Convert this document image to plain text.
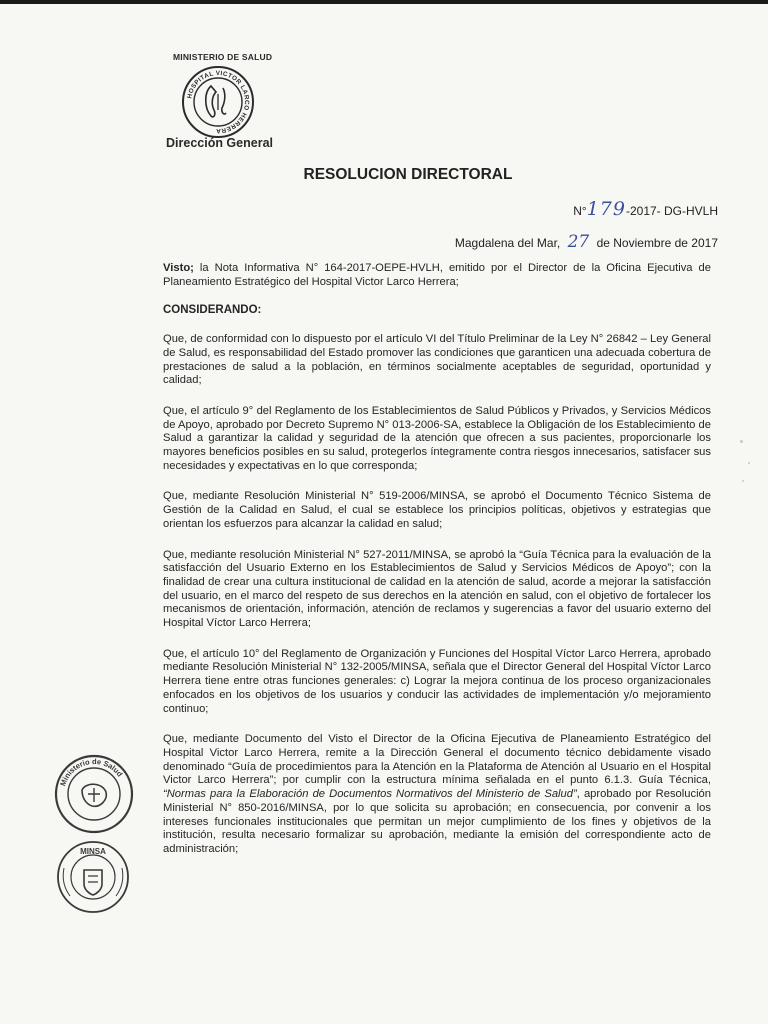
MINISTERIO DE SALUD
HOSPITAL VICTOR LARCO HERRERA
Dirección General
RESOLUCION DIRECTORAL
N°179-2017- DG-HVLH
Magdalena del Mar, 27 de Noviembre de 2017

Visto; la Nota Informativa N° 164-2017-OEPE-HVLH, emitido por el Director de la Oficina Ejecutiva de Planeamiento Estratégico del Hospital Victor Larco Herrera;

CONSIDERANDO:

Que, de conformidad con lo dispuesto por el artículo VI del Título Preliminar de la Ley N° 26842 – Ley General de Salud, es responsabilidad del Estado promover las condiciones que garanticen una adecuada cobertura de prestaciones de salud a la población, en términos socialmente aceptables de seguridad, oportunidad y calidad;

Que, el artículo 9° del Reglamento de los Establecimientos de Salud Públicos y Privados, y Servicios Médicos de Apoyo, aprobado por Decreto Supremo N° 013-2006-SA, establece la Obligación de los Establecimiento de Salud a garantizar la calidad y seguridad de la atención que ofrecen a sus pacientes, proporcionarle los mayores beneficios posibles en su salud, protegerlos íntegramente contra riesgos innecesarios, satisfacer sus necesidades y expectativas en lo que corresponda;

Que, mediante Resolución Ministerial N° 519-2006/MINSA, se aprobó el Documento Técnico Sistema de Gestión de la Calidad en Salud, el cual se establece los principios políticas, objetivos y estrategias que orientan los esfuerzos para alcanzar la calidad en salud;

Que, mediante resolución Ministerial N° 527-2011/MINSA, se aprobó la “Guía Técnica para la evaluación de la satisfacción del Usuario Externo en los Establecimientos de Salud y Servicios Médicos de Apoyo”; con la finalidad de crear una cultura institucional de calidad en la atención de salud, acorde a mejorar la satisfacción del usuario, en el marco del respeto de sus derechos en la atención en salud, con el objetivo de fortalecer los mecanismos de orientación, información, atención de reclamos y sugerencias a favor del usuario externo del Hospital Víctor Larco Herrera;

Que, el artículo 10° del Reglamento de Organización y Funciones del Hospital Víctor Larco Herrera, aprobado mediante Resolución Ministerial N° 132-2005/MINSA, señala que el Director General del Hospital Víctor Larco Herrera tiene entre otras funciones generales: c) Lograr la mejora continua de los proceso organizacionales enfocados en los objetivos de los usuarios y conducir las actividades de implementación y/o mejoramiento continuo;

Que, mediante Documento del Visto el Director de la Oficina Ejecutiva de Planeamiento Estratégico del Hospital Victor Larco Herrera, remite a la Dirección General el documento técnico debidamente visado denominado “Guía de procedimientos para la Atención en la Plataforma de Atención al Usuario en el Hospital Victor Larco Herrera”; por cumplir con la estructura mínima señalada en el punto 6.1.3. Guía Técnica, “Normas para la Elaboración de Documentos Normativos del Ministerio de Salud”, aprobado por Resolución Ministerial N° 850-2016/MINSA, por lo que solicita su aprobación; en consecuencia, por convenir a los intereses funcionales institucionales que permitan un mejor cumplimiento de los fines y objetivos de la institución, resulta necesario formalizar su aprobación, mediante la emisión del correspondiente acto de administración;

Ministerio de Salud
MINSA
